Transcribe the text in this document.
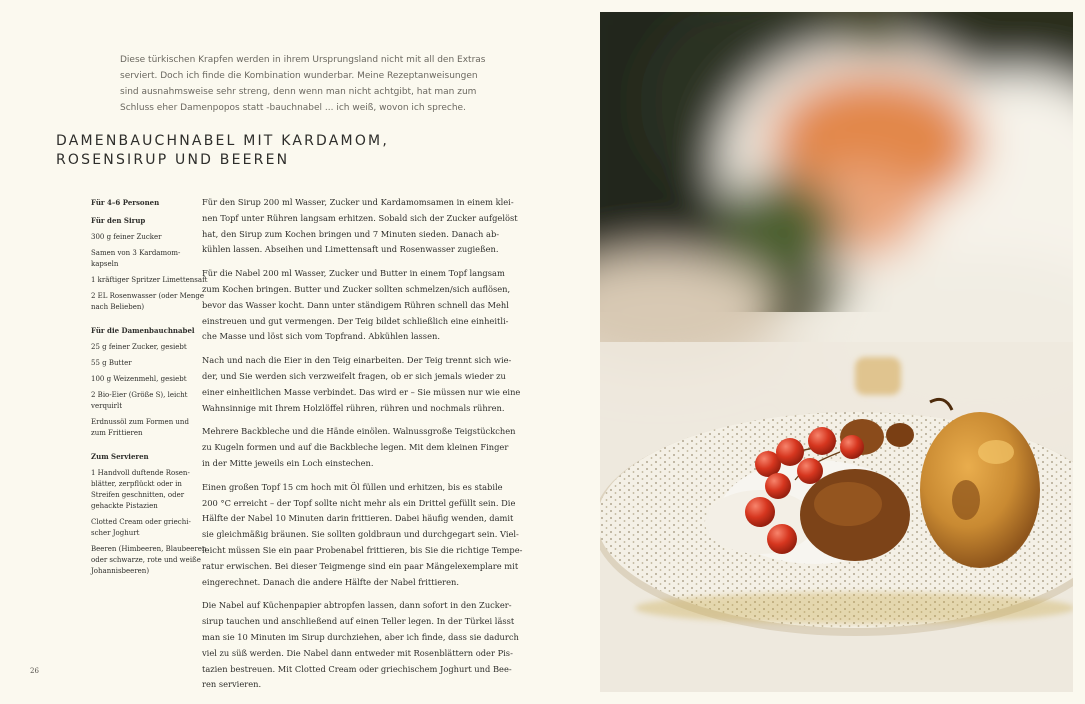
Diese türkischen Krapfen werden in ihrem Ursprungsland nicht mit all den Extras
serviert. Doch ich finde die Kombination wunderbar. Meine Rezeptanweisungen
sind ausnahmsweise sehr streng, denn wenn man nicht achtgibt, hat man zum
Schluss eher Damenpopos statt -bauchnabel ... ich weiß, wovon ich spreche.

DAMENBAUCHNABEL MIT KARDAMOM,
ROSENSIRUP UND BEEREN
Für 4–6 Personen
Für den Sirup
300 g feiner Zucker
Samen von 3 Kardamom-
kapseln
1 kräftiger Spritzer Limettensaft
2 EL Rosenwasser (oder Menge
nach Belieben)
Für die Damenbauchnabel
25 g feiner Zucker, gesiebt
55 g Butter
100 g Weizenmehl, gesiebt
2 Bio-Eier (Größe S), leicht
verquirlt
Erdnussöl zum Formen und
zum Frittieren
Zum Servieren
1 Handvoll duftende Rosen-
blätter, zerpflückt oder in
Streifen geschnitten, oder
gehackte Pistazien
Clotted Cream oder griechi-
scher Joghurt
Beeren (Himbeeren, Blaubeeren
oder schwarze, rote und weiße
Johannisbeeren)

Für den Sirup 200 ml Wasser, Zucker und Kardamomsamen in einem klei-
nen Topf unter Rühren langsam erhitzen. Sobald sich der Zucker aufgelöst
hat, den Sirup zum Kochen bringen und 7 Minuten sieden. Danach ab-
kühlen lassen. Abseihen und Limettensaft und Rosenwasser zugießen.

Für die Nabel 200 ml Wasser, Zucker und Butter in einem Topf langsam
zum Kochen bringen. Butter und Zucker sollten schmelzen/sich auflösen,
bevor das Wasser kocht. Dann unter ständigem Rühren schnell das Mehl
einstreuen und gut vermengen. Der Teig bildet schließlich eine einheitli-
che Masse und löst sich vom Topfrand. Abkühlen lassen.

Nach und nach die Eier in den Teig einarbeiten. Der Teig trennt sich wie-
der, und Sie werden sich verzweifelt fragen, ob er sich jemals wieder zu
einer einheitlichen Masse verbindet. Das wird er – Sie müssen nur wie eine
Wahnsinnige mit Ihrem Holzlöffel rühren, rühren und nochmals rühren.

Mehrere Backbleche und die Hände einölen. Walnussgroße Teigstückchen
zu Kugeln formen und auf die Backbleche legen. Mit dem kleinen Finger
in der Mitte jeweils ein Loch einstechen.

Einen großen Topf 15 cm hoch mit Öl füllen und erhitzen, bis es stabile
200 °C erreicht – der Topf sollte nicht mehr als ein Drittel gefüllt sein. Die
Hälfte der Nabel 10 Minuten darin frittieren. Dabei häufig wenden, damit
sie gleichmäßig bräunen. Sie sollten goldbraun und durchgegart sein. Viel-
leicht müssen Sie ein paar Probenabel frittieren, bis Sie die richtige Tempe-
ratur erwischen. Bei dieser Teigmenge sind ein paar Mängelexemplare mit
eingerechnet. Danach die andere Hälfte der Nabel frittieren.

Die Nabel auf Küchenpapier abtropfen lassen, dann sofort in den Zucker-
sirup tauchen und anschließend auf einen Teller legen. In der Türkei lässt
man sie 10 Minuten im Sirup durchziehen, aber ich finde, dass sie dadurch
viel zu süß werden. Die Nabel dann entweder mit Rosenblättern oder Pis-
tazien bestreuen. Mit Clotted Cream oder griechischem Joghurt und Bee-
ren servieren.

26
